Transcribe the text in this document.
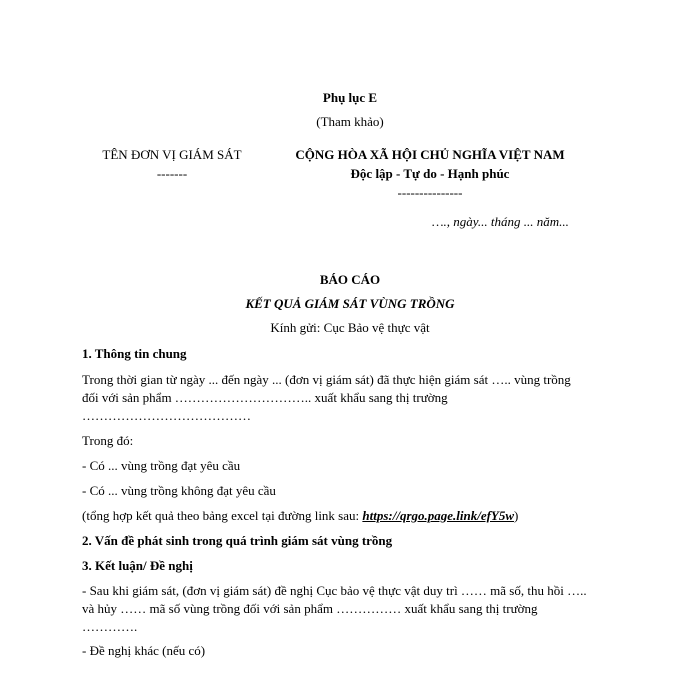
Phụ lục E
(Tham khảo)
TÊN ĐƠN VỊ GIÁM SÁT
-------
CỘNG HÒA XÃ HỘI CHỦ NGHĨA VIỆT NAM
Độc lập - Tự do - Hạnh phúc
---------------
…., ngày... tháng ... năm...
BÁO CÁO
KẾT QUẢ GIÁM SÁT VÙNG TRỒNG
Kính gửi: Cục Bảo vệ thực vật
1. Thông tin chung
Trong thời gian từ ngày ... đến ngày ... (đơn vị giám sát) đã thực hiện giám sát ….. vùng trồng
đối với sản phẩm ………………………….. xuất khẩu sang thị trường
…………………………………
Trong đó:
- Có ... vùng trồng đạt yêu cầu
- Có ... vùng trồng không đạt yêu cầu
(tổng hợp kết quả theo bảng excel tại đường link sau: https://qrgo.page.link/efY5w)
2. Vấn đề phát sinh trong quá trình giám sát vùng trồng
3. Kết luận/ Đề nghị
- Sau khi giám sát, (đơn vị giám sát) đề nghị Cục bảo vệ thực vật duy trì …… mã số, thu hồi …..
và hủy …… mã số vùng trồng đối với sản phẩm …………… xuất khẩu sang thị trường
………….
- Đề nghị khác (nếu có)
